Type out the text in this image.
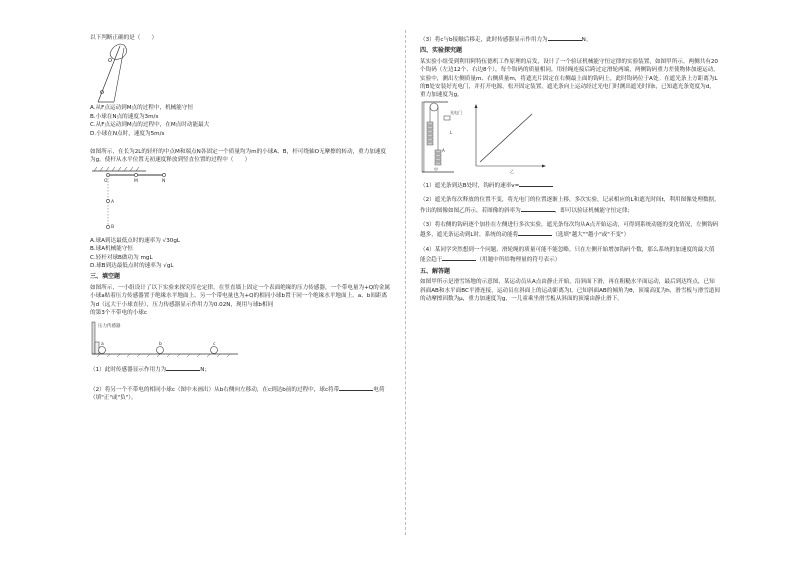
以下判断正确的是（　　）

A.从F点运动到M点的过程中，机械能守恒

B.小球在N点的速度为3m/s

C.从F点运动到M点的过程中，在M点时动能最大

D.小球在N点时，速度为5m/s

如图所示，在长为2L的轻杆的中点M和端点N各固定一个质量均为m的小球A、B，杆可绕轴O无摩擦的转动，重力加速度为g。使杆从水平位置无初速度释放到竖直位置的过程中（　　）

O	M	N
A
B

A.球A到达最低点时的速率为 √30gL

B.球A机械能守恒

C.轻杆对球B做功为 mgL

D.球B到达最低点时的速率为 √gL

三、填空题

如图所示，一小组设计了以下实验来探究库仑定律。在竖直墙上固定一个表面绝缘的压力传感器，一个带电量为+Q的金属小球a贴着压力传感器置于绝缘水平地面上。另一个带电量也为+Q的相同小球b置于同一个绝缘水平地面上。a、b间距离为d（远大于小球直径），压力传感器显示作用力为0.02N，现用与球b相同

的第3个不带电的小球c

压力传感器
a	b	c

（1）此时传感器显示作用力为	N；

（2）将另一个不带电的相同小球c（图中未画出）从b右侧向左移动，在c到达b前的过程中，球c将带	电荷（填"正"或"负"）。

（3）将c与b接触后移走，此时传感器显示作用力为	N。

四、实验探究题

某实验小组受到利用阿特伍德机工作原理的启发，设计了一个验证机械能守恒定律的实验装置，如图甲所示。两侧共有20个钩码（左边12个、右边8个），每个钩码的质量相同，用轻绳连接后跨过定滑轮两端，两侧钩码重力差使物体加速运动，实验中，测出左侧质量m、右侧质量m，将遮光片固定在右侧最上面的钩码上，此时钩码位于A处。在遮光条上方距离为L的B处安装好光电门，并打开电源，松开固定装置，遮光条向上运动经过光电门时测出遮光时间t，已知遮光条宽度为d，重力加速度为g。

光电门
L
A
甲	乙

（1）遮光条到达B处时，钩码的速率v=

（2）遮光条每次释放的位置不变，将光电门的位置逐渐上移，多次实验，记录相应的L和遮光时间t，利用图像处理数据，作出的图像如图乙所示，若图像的斜率为	，即可以验证机械能守恒定律；

（3）将右侧的钩码逐个加挂在左侧进行多次实验，遮光条每次均从A点开始运动，可得到系统动能的变化情况，左侧钩码越多，遮光条运动到L时，系统的动能将	（选填"越大""越小"或"不变"）

（4）某同学突然想到一个问题，滑轮绳的质量可能不能忽略，只在左侧开始增加钩码个数，那么系统的加速度的最大值能会趋于	（用题中所给物理量的符号表示）

五、解答题

如图甲所示是滑雪场地的示意图，某运动员从A点由静止开始，沿斜面下滑，再在粗糙水平面运动，最后到达终点，已知斜面AB和水平面BC平滑连接，运动员在斜面上的运动距离为l，已知斜面AB的倾角为θ，顶端高度为h，滑雪板与滑雪道间的动摩擦因数为μ，重力加速度为g，一儿童乘坐滑雪板从斜面的顶端由静止滑下。
